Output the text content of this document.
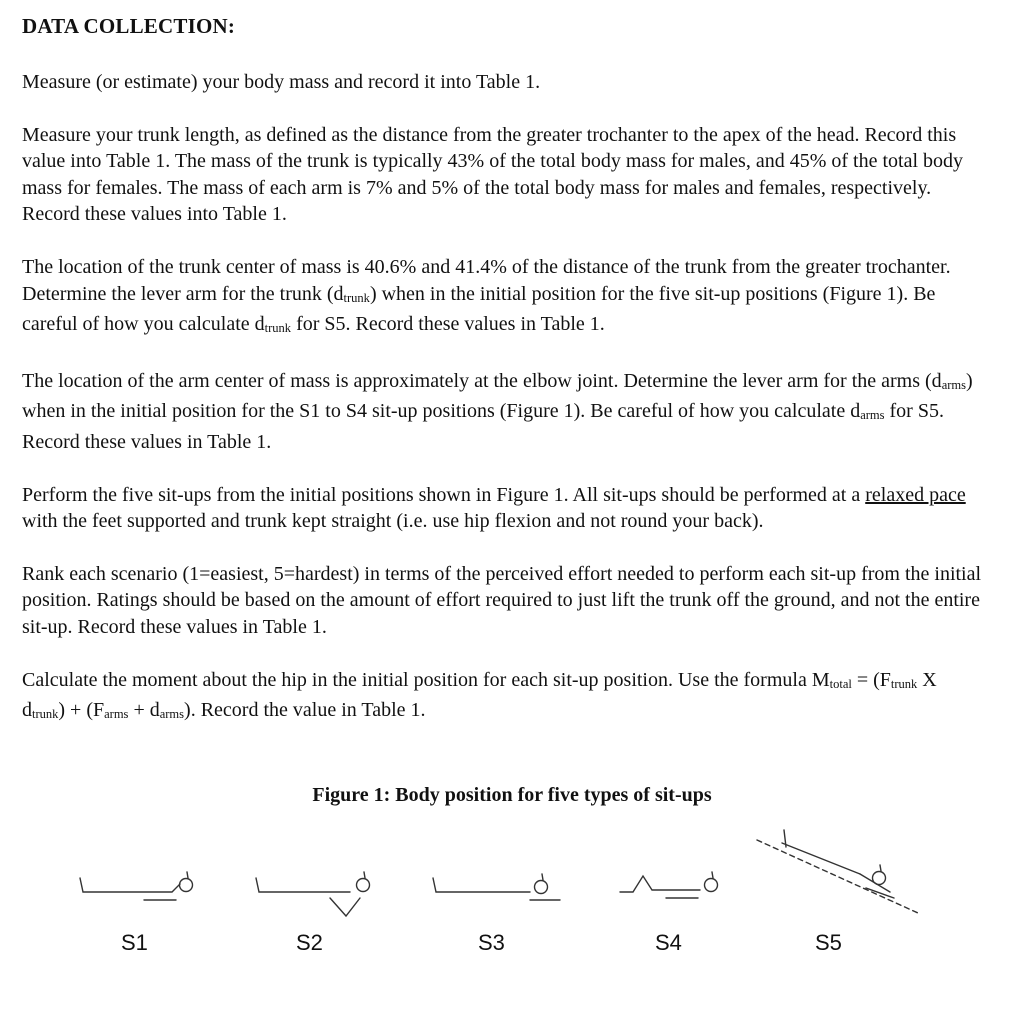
DATA COLLECTION:

Measure (or estimate) your body mass and record it into Table 1.

Measure your trunk length, as defined as the distance from the greater trochanter to the apex of the head. Record this value into Table 1. The mass of the trunk is typically 43% of the total body mass for males, and 45% of the total body mass for females. The mass of each arm is 7% and 5% of the total body mass for males and females, respectively. Record these values into Table 1.

The location of the trunk center of mass is 40.6% and 41.4% of the distance of the trunk from the greater trochanter. Determine the lever arm for the trunk $(d_{trunk})$ when in the initial position for the five sit-up positions (Figure 1). Be careful of how you calculate $d_{trunk}$ for S5. Record these values in Table 1.

The location of the arm center of mass is approximately at the elbow joint. Determine the lever arm for the arms $(d_{arms})$ when in the initial position for the S1 to S4 sit-up positions (Figure 1). Be careful of how you calculate $d_{arms}$ for S5. Record these values in Table 1.

Perform the five sit-ups from the initial positions shown in Figure 1. All sit-ups should be performed at a relaxed pace with the feet supported and trunk kept straight (i.e. use hip flexion and not round your back).

Rank each scenario (1=easiest, 5=hardest) in terms of the perceived effort needed to perform each sit-up from the initial position. Ratings should be based on the amount of effort required to just lift the trunk off the ground, and not the entire sit-up. Record these values in Table 1.

Calculate the moment about the hip in the initial position for each sit-up position. Use the formula $M_{total} = (F_{trunk}$ X $d_{trunk}) + (F_{arms} + d_{arms})$. Record the value in Table 1.

Figure 1: Body position for five types of sit-ups
S1	S2	S3	S4	S5
